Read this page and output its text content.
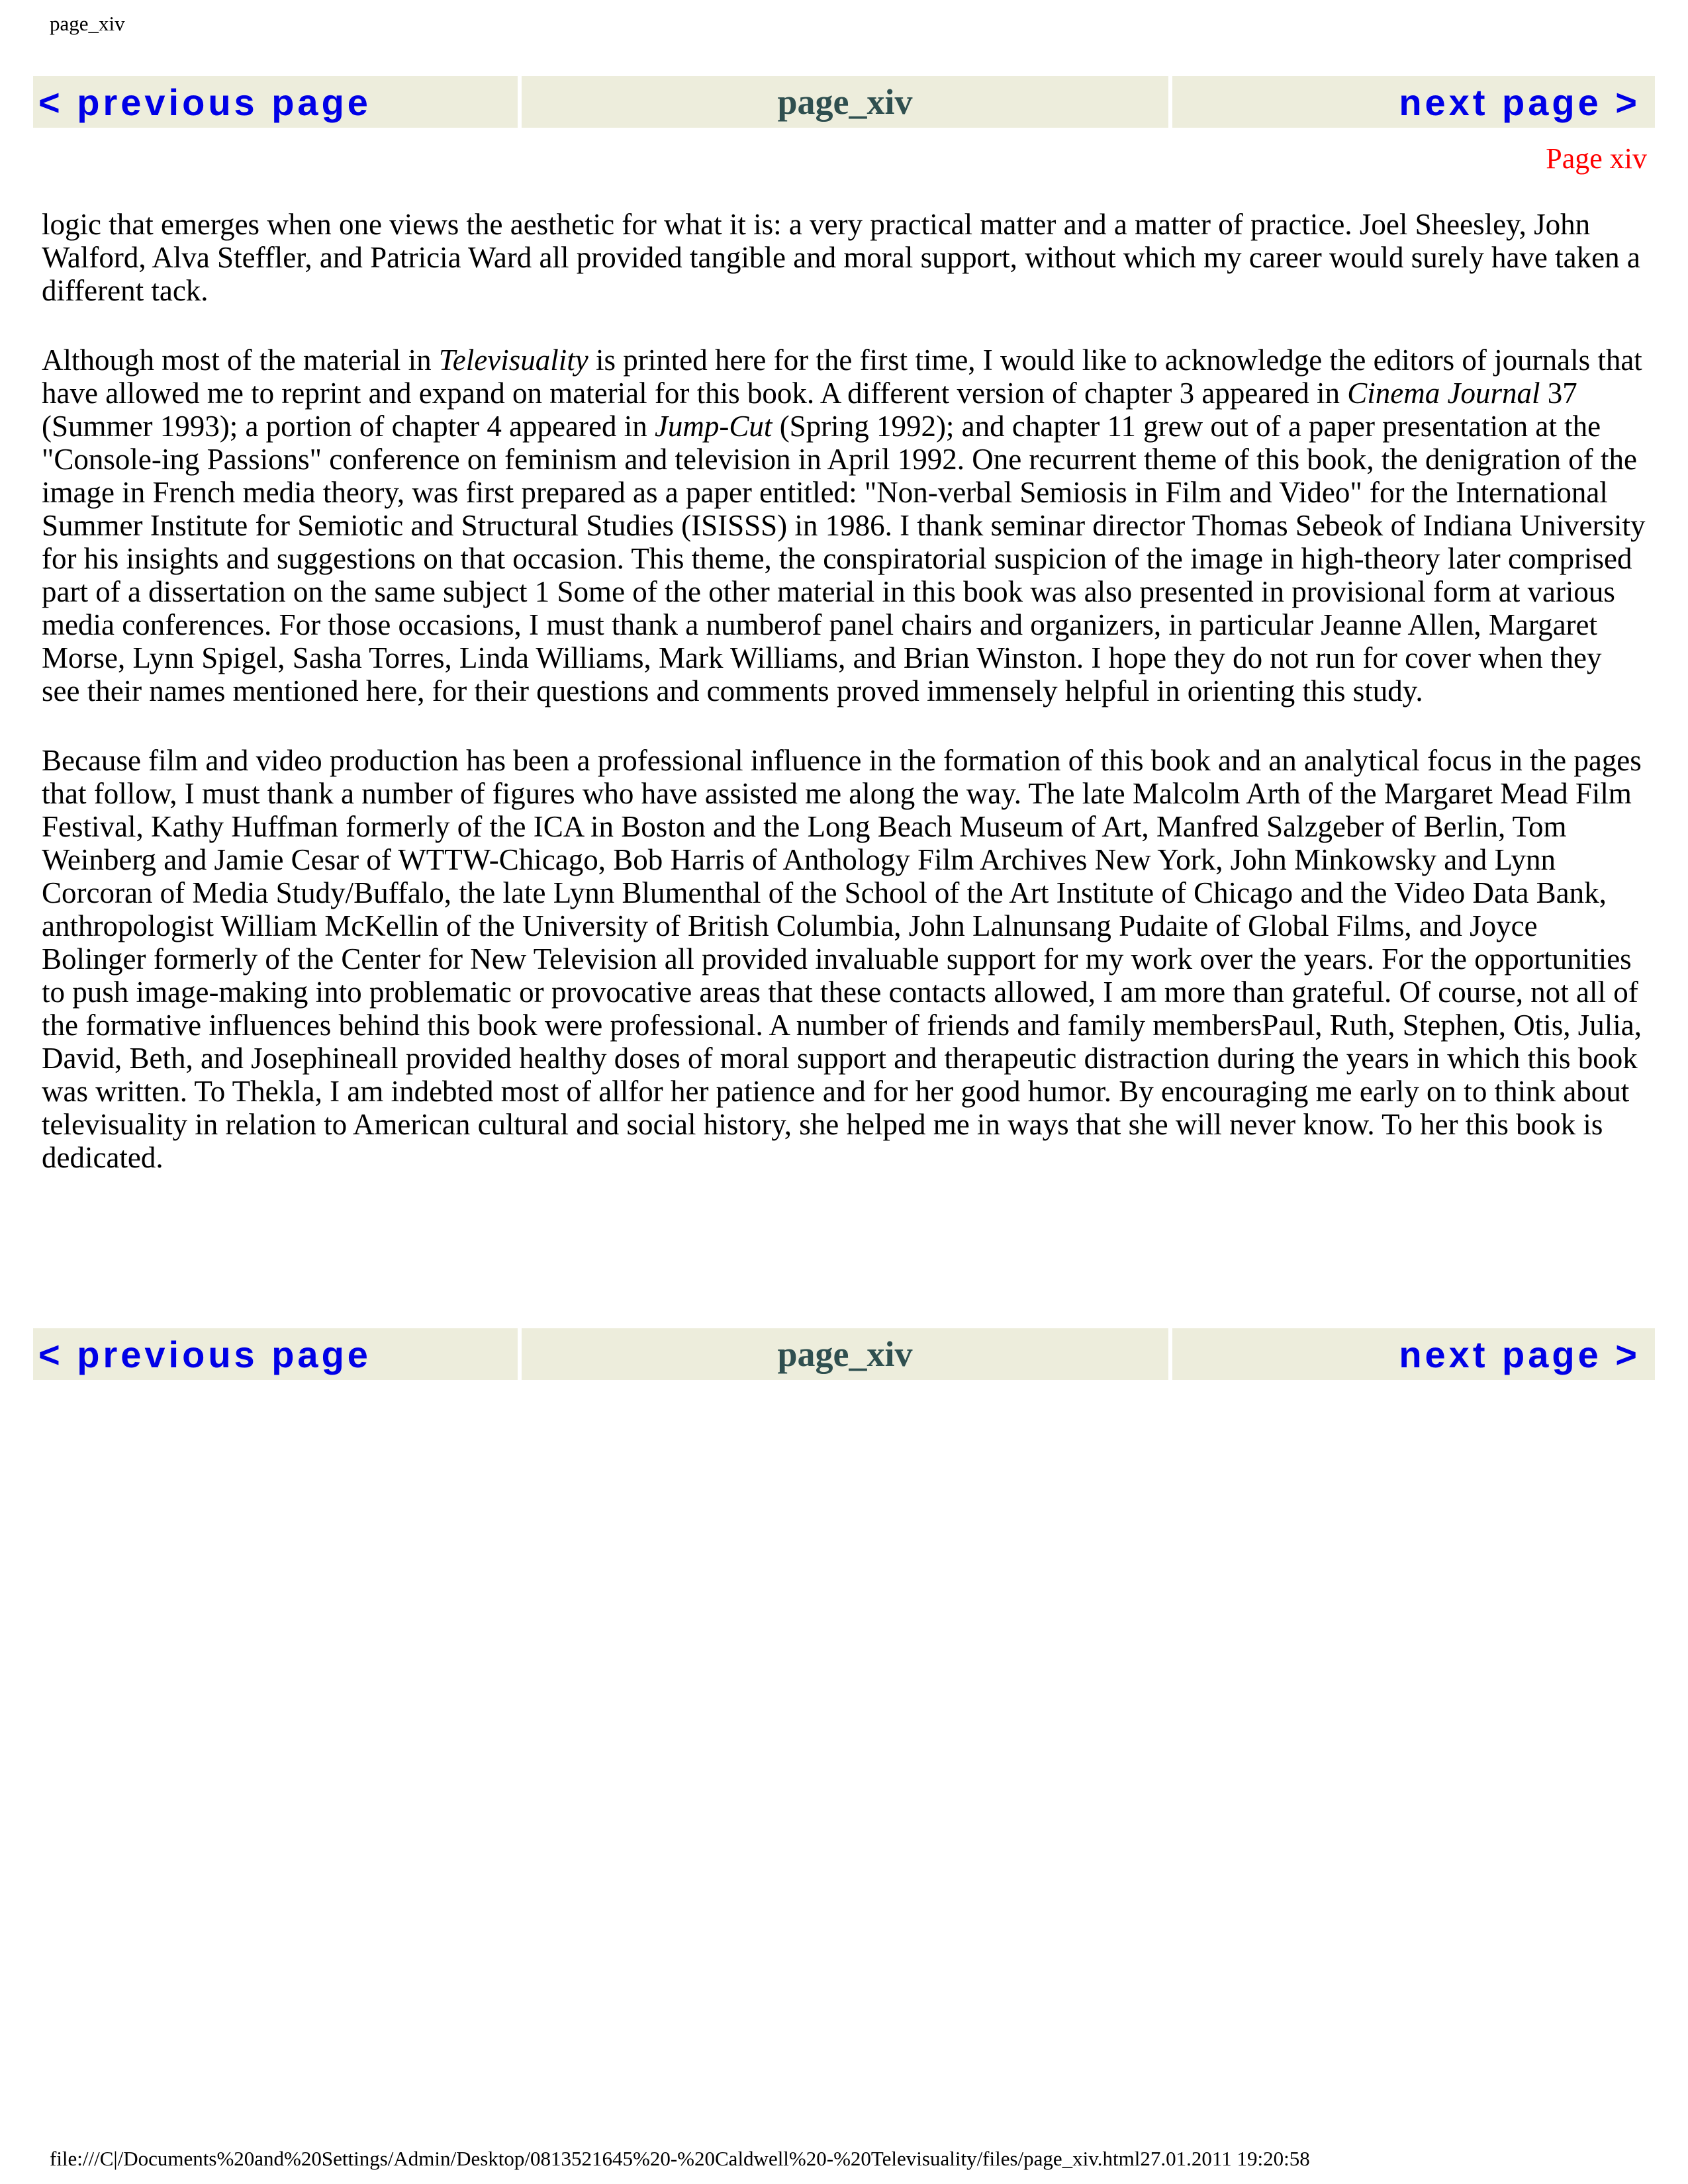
page_xiv
< previous page	page_xiv	next page >
Page xiv

logic that emerges when one views the aesthetic for what it is: a very practical matter and a matter of practice. Joel Sheesley, John Walford, Alva Steffler, and Patricia Ward all provided tangible and moral support, without which my career would surely have taken a different tack.

Although most of the material in Televisuality is printed here for the first time, I would like to acknowledge the editors of journals that have allowed me to reprint and expand on material for this book. A different version of chapter 3 appeared in Cinema Journal 37 (Summer 1993); a portion of chapter 4 appeared in Jump-Cut (Spring 1992); and chapter 11 grew out of a paper presentation at the "Console-ing Passions" conference on feminism and television in April 1992. One recurrent theme of this book, the denigration of the image in French media theory, was first prepared as a paper entitled: "Non-verbal Semiosis in Film and Video" for the International Summer Institute for Semiotic and Structural Studies (ISISSS) in 1986. I thank seminar director Thomas Sebeok of Indiana University for his insights and suggestions on that occasion. This theme, the conspiratorial suspicion of the image in high-theory later comprised part of a dissertation on the same subject 1 Some of the other material in this book was also presented in provisional form at various media conferences. For those occasions, I must thank a numberof panel chairs and organizers, in particular Jeanne Allen, Margaret Morse, Lynn Spigel, Sasha Torres, Linda Williams, Mark Williams, and Brian Winston. I hope they do not run for cover when they see their names mentioned here, for their questions and comments proved immensely helpful in orienting this study.

Because film and video production has been a professional influence in the formation of this book and an analytical focus in the pages that follow, I must thank a number of figures who have assisted me along the way. The late Malcolm Arth of the Margaret Mead Film Festival, Kathy Huffman formerly of the ICA in Boston and the Long Beach Museum of Art, Manfred Salzgeber of Berlin, Tom Weinberg and Jamie Cesar of WTTW-Chicago, Bob Harris of Anthology Film Archives New York, John Minkowsky and Lynn Corcoran of Media Study/Buffalo, the late Lynn Blumenthal of the School of the Art Institute of Chicago and the Video Data Bank, anthropologist William McKellin of the University of British Columbia, John Lalnunsang Pudaite of Global Films, and Joyce Bolinger formerly of the Center for New Television all provided invaluable support for my work over the years. For the opportunities to push image-making into problematic or provocative areas that these contacts allowed, I am more than grateful. Of course, not all of the formative influences behind this book were professional. A number of friends and family membersPaul, Ruth, Stephen, Otis, Julia, David, Beth, and Josephineall provided healthy doses of moral support and therapeutic distraction during the years in which this book was written. To Thekla, I am indebted most of allfor her patience and for her good humor. By encouraging me early on to think about televisuality in relation to American cultural and social history, she helped me in ways that she will never know. To her this book is dedicated.

< previous page	page_xiv	next page >
file:///C|/Documents%20and%20Settings/Admin/Desktop/0813521645%20-%20Caldwell%20-%20Televisuality/files/page_xiv.html27.01.2011 19:20:58
